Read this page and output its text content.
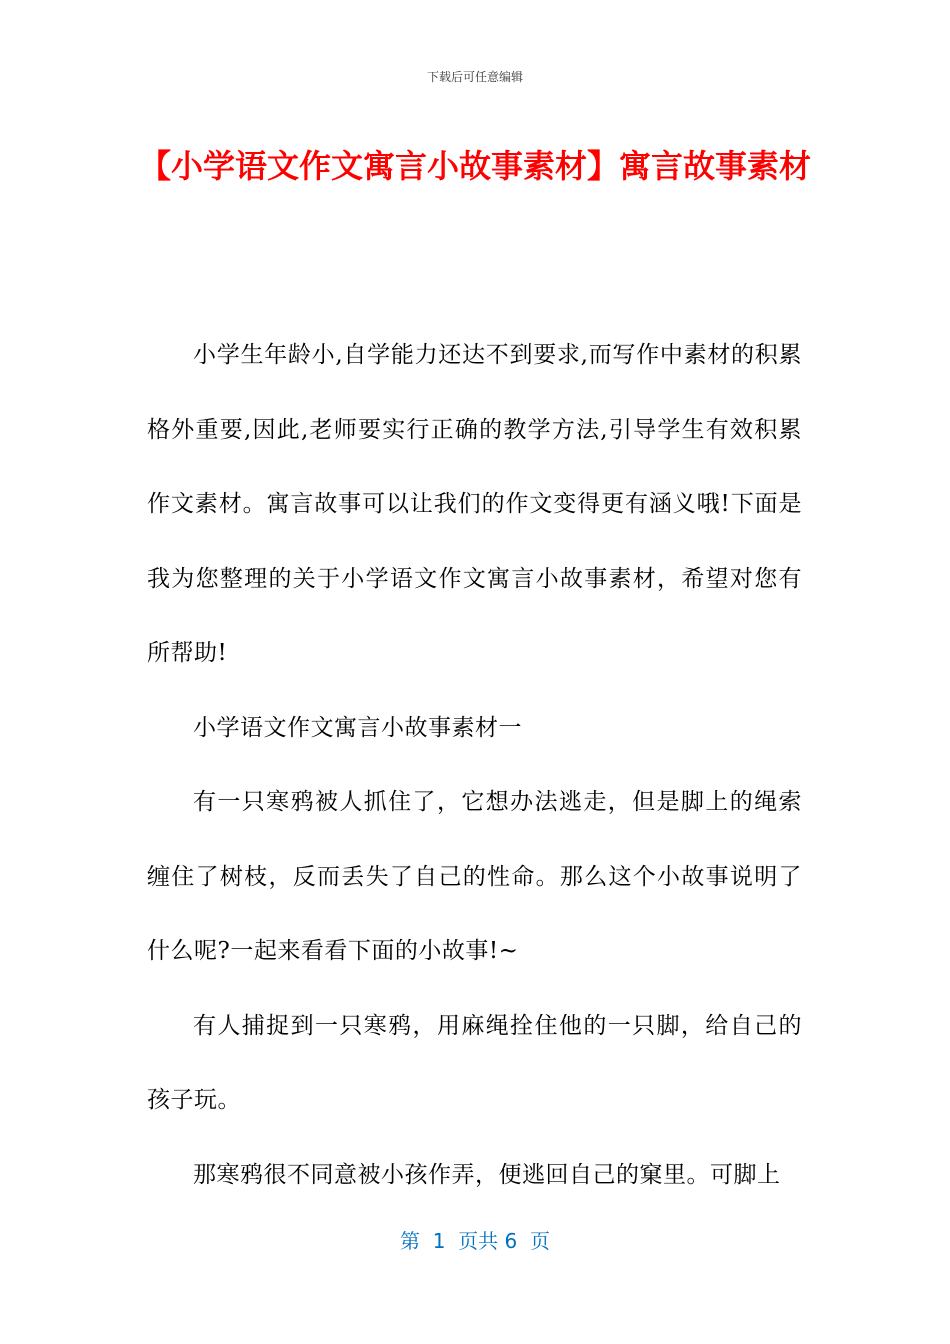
下载后可任意编辑
【小学语文作文寓言小故事素材】寓言故事素材

小学生年龄小,自学能力还达不到要求,而写作中素材的积累格外重要,因此,老师要实行正确的教学方法,引导学生有效积累作文素材。寓言故事可以让我们的作文变得更有涵义哦!下面是我为您整理的关于小学语文作文寓言小故事素材，希望对您有所帮助!

小学语文作文寓言小故事素材一

有一只寒鸦被人抓住了，它想办法逃走，但是脚上的绳索缠住了树枝，反而丢失了自己的性命。那么这个小故事说明了什么呢?一起来看看下面的小故事!~

有人捕捉到一只寒鸦，用麻绳拴住他的一只脚，给自己的孩子玩。

那寒鸦很不同意被小孩作弄，便逃回自己的窠里。可脚上

第  1  页共 6  页
